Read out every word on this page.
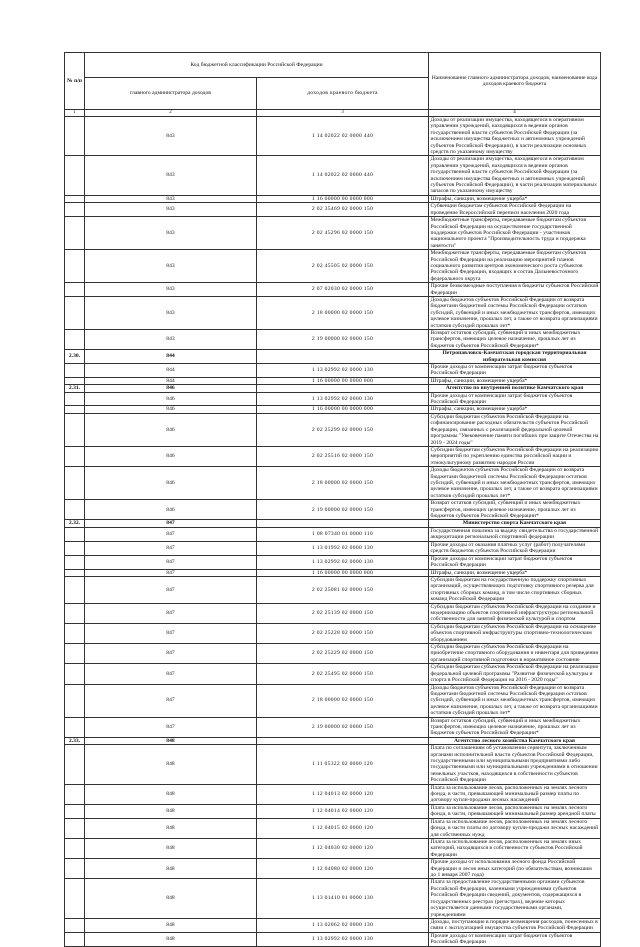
№ п/п	Код бюджетной классификации Российской Федерации		Наименование главного администратора доходов, наименование кода доходов краевого бюджета
	главного администратора доходов	доходов краевого бюджета	
1	2	3	4
	843	1 14 02022 02 0000 440	Доходы от реализации имущества, находящегося в оперативном управлении учреждений, находящихся в ведении органов государственной власти субъектов Российской Федерации (за исключением имущества бюджетных и автономных учреждений субъектов Российской Федерации), в части реализации основных средств по указанному имуществу
	843	1 14 02022 02 0000 440	Доходы от реализации имущества, находящегося в оперативном управлении учреждений, находящихся в ведении органов государственной власти субъектов Российской Федерации (за исключением имущества бюджетных и автономных учреждений субъектов Российской Федерации), в части реализации материальных запасов по указанному имуществу
	843	1 16 00000 00 0000 000	Штрафы, санкции, возмещение ущерба*
	843	2 02 35469 02 0000 150	Субвенции бюджетам субъектов Российской Федерации на проведение Всероссийской переписи населения 2020 года
	843	2 02 45296 02 0000 150	Межбюджетные трансферты, передаваемые бюджетам субъектов Российской Федерации на осуществление государственной поддержки субъектов Российской Федерации - участников национального проекта "Производительность труда и поддержка занятости"
	843	2 02 45505 02 0000 150	Межбюджетные трансферты, передаваемые бюджетам субъектов Российской Федерации на реализацию мероприятий планов социального развития центров экономического роста субъектов Российской Федерации, входящих в состав Дальневосточного федерального округа
	843	2 07 02030 02 0000 150	Прочие безвозмездные поступления в бюджеты субъектов Российской Федерации
	843	2 18 00000 02 0000 150	Доходы бюджетов субъектов Российской Федерации от возврата бюджетами бюджетной системы Российской Федерации остатков субсидий, субвенций и иных межбюджетных трансфертов, имеющих целевое назначение, прошлых лет, а также от возврата организациями остатков субсидий прошлых лет*
	843	2 19 00000 02 0000 150	Возврат остатков субсидий, субвенций и иных межбюджетных трансфертов, имеющих целевое назначение, прошлых лет из бюджетов субъектов Российской Федерации*
2.30.	844		Петропавловск-Камчатская городская территориальная избирательная комиссия
	844	1 13 02992 02 0000 130	Прочие доходы от компенсации затрат бюджетов субъектов Российской Федерации
	844	1 16 00000 00 0000 000	Штрафы, санкции, возмещение ущерба*
2.31.	846		Агентство по внутренней политике Камчатского края
	846	1 13 02992 02 0000 130	Прочие доходы от компенсации затрат бюджетов субъектов Российской Федерации
	846	1 16 00000 00 0000 000	Штрафы, санкции, возмещение ущерба*
	846	2 02 25299 02 0000 150	Субсидии бюджетам субъектов Российской Федерации на софинансирование расходных обязательств субъектов Российской Федерации, связанных с реализацией федеральной целевой программы "Увековечение памяти погибших при защите Отечества на 2019 - 2024 годы"
	846	2 02 25516 02 0000 150	Субсидии бюджетам субъектов Российской Федерации на реализацию мероприятий по укреплению единства российской нации и этнокультурному развитию народов России
	846	2 18 00000 02 0000 150	Доходы бюджетов субъектов Российской Федерации от возврата бюджетами бюджетной системы Российской Федерации остатков субсидий, субвенций и иных межбюджетных трансфертов, имеющих целевое назначение, прошлых лет, а также от возврата организациями остатков субсидий прошлых лет*
	846	2 19 00000 02 0000 150	Возврат остатков субсидий, субвенций и иных межбюджетных трансфертов, имеющих целевое назначение, прошлых лет из бюджетов субъектов Российской Федерации*
2.32.	847		Министерство спорта Камчатского края
	847	1 08 07340 01 0000 110	Государственная пошлина за выдачу свидетельства о государственной аккредитации региональной спортивной федерации
	847	1 13 01992 02 0000 130	Прочие доходы от оказания платных услуг (работ) получателями средств бюджетов субъектов Российской Федерации
	847	1 13 02992 02 0000 130	Прочие доходы от компенсации затрат бюджетов субъектов Российской Федерации
	847	1 16 00000 00 0000 000	Штрафы, санкции, возмещение ущерба*
	847	2 02 25081 02 0000 150	Субсидии бюджетам на государственную поддержку спортивных организаций, осуществляющих подготовку спортивного резерва для спортивных сборных команд, в том числе спортивных сборных команд Российской Федерации
	847	2 02 25139 02 0000 150	Субсидии бюджетам субъектов Российской Федерации на создание и модернизацию объектов спортивной инфраструктуры региональной собственности для занятий физической культурой и спортом
	847	2 02 25228 02 0000 150	Субсидии бюджетам субъектов Российской Федерации на оснащение объектов спортивной инфраструктуры спортивно-технологическим оборудованием
	847	2 02 25229 02 0000 150	Субсидии бюджетам субъектов Российской Федерации на приобретение спортивного оборудования и инвентаря для приведения организаций спортивной подготовки в нормативное состояние
	847	2 02 25495 02 0000 150	Субсидии бюджетам субъектов Российской Федерации на реализацию федеральной целевой программы "Развитие физической культуры и спорта в Российской Федерации на 2016 - 2020 годы"
	847	2 18 00000 02 0000 150	Доходы бюджетов субъектов Российской Федерации от возврата бюджетами бюджетной системы Российской Федерации остатков субсидий, субвенций и иных межбюджетных трансфертов, имеющих целевое назначение, прошлых лет, а также от возврата организациями остатков субсидий прошлых лет*
	847	2 19 00000 02 0000 150	Возврат остатков субсидий, субвенций и иных межбюджетных трансфертов, имеющих целевое назначение, прошлых лет из бюджетов субъектов Российской Федерации*
2.33.	848		Агентство лесного хозяйства Камчатского края
	848	1 11 05322 02 0000 120	Плата по соглашениям об установлении сервитута, заключенным органами исполнительной власти субъектов Российской Федерации, государственными или муниципальными предприятиями либо государственными или муниципальными учреждениями в отношении земельных участков, находящихся в собственности субъектов Российской Федерации
	848	1 12 04013 02 0000 120	Плата за использование лесов, расположенных на землях лесного фонда, в части, превышающей минимальный размер платы по договору купли-продажи лесных насаждений
	848	1 12 04014 02 0000 120	Плата за использование лесов, расположенных на землях лесного фонда, в части, превышающей минимальный размер арендной платы
	848	1 12 04015 02 0000 120	Плата за использование лесов, расположенных на землях лесного фонда, в части платы по договору купли-продажи лесных насаждений для собственных нужд
	848	1 12 04030 02 0000 120	Плата за использование лесов, расположенных на землях иных категорий, находящихся в собственности субъектов Российской Федерации
	848	1 12 04080 02 0000 120	Прочие доходы от использования лесного фонда Российской Федерации и лесов иных категорий (по обязательствам, возникшим до 1 января 2007 года)
	848	1 13 01410 01 0000 130	Плата за предоставление государственными органами субъектов Российской Федерации, казенными учреждениями субъектов Российской Федерации сведений, документов, содержащихся в государственных реестрах (регистрах), ведение которых осуществляется данными государственными органами, учреждениями
	848	1 13 02062 02 0000 130	Доходы, поступающие в порядке возмещения расходов, понесенных в связи с эксплуатацией имущества субъектов Российской Федерации
	848	1 13 02992 02 0000 130	Прочие доходы от компенсации затрат бюджетов субъектов Российской Федерации
